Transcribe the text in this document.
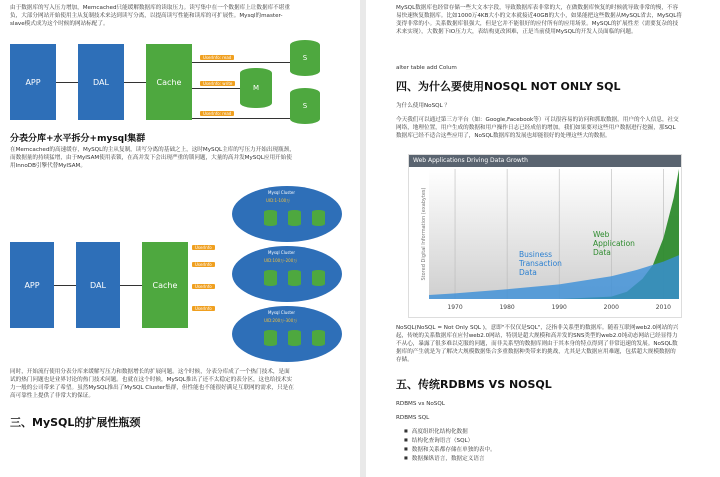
由于数据库的写入压力增加，Memcached只能缓解数据库的读取压力。读写集中在一个数据库上让数据库不堪重
负，大部分网站开始使用主从复制技术来达到读写分离，以提高读写性能和读库的可扩展性。Mysql的master-
slave模式成为这个时候的网站标配了。
APP	DAL	Cache
UserInfo: read
UserInfo: write
UserInfo: read
M
S
S
分表分库+水平拆分+mysql集群
在Memcached的高速缓存，MySQL的主从复制，读写分离的基础之上，这时MySQL主库的写压力开始出现瓶颈，
而数据量的持续猛增，由于MyISAM使用表锁，在高并发下会出现严重的锁问题，大量的高并发MySQL应用开始使
用InnoDB引擎代替MyISAM。
APP	DAL	Cache
UserInfo
UserInfo
UserInfo
UserInfo
Mysql Cluster
UID:1-100万
Mysql Cluster
UID:100万-200万
Mysql Cluster
UID:200万-300万
同时，开始流行使用分表分库来缓解写压力和数据增长的扩展问题。这个时候，分表分库成了一个热门技术，是面
试的热门问题也是业界讨论的热门技术问题。也就在这个时候，MySQL推出了还不太稳定的表分区，这也给技术实
力一般的公司带来了希望。虽然MySQL推出了MySQL Cluster集群，但性能也不能很好满足互联网的需求，只是在
高可靠性上提供了非常大的保证。
三、MySQL的扩展性瓶颈
MySQL数据库也经常存储一些大文本字段，导致数据库表非常的大，在做数据库恢复的时候就导致非常的慢，不容
易快速恢复数据库。比如1000万4KB大小的文本就接近40GB的大小，如果能把这些数据从MySQL省去，MySQL将
变得非常的小。关系数据库很强大，但是它并不能很好的应付所有的应用场景。MySQL的扩展性差（需要复杂的技
术来实现），大数据下IO压力大，表结构更改困难，正是当前使用MySQL的开发人员面临的问题。
alter table add Colum
四、为什么要使用NOSQL NOT ONLY SQL
为什么使用NoSQL ？
今天我们可以通过第三方平台（如：Google,Facebook等）可以很容易的访问和抓取数据。用户的个人信息，社交
网络，地理位置，用户生成的数据和用户操作日志已经成倍的增加。我们如果要对这些用户数据进行挖掘，那SQL
数据库已经不适合这些应用了，NoSQL数据库的发展也却能很好的处理这些大的数据。
Web Applications Driving Data Growth
1970	1980	1990	2000	2010
Web
Application
Data
Business
Transaction
Data
Stored Digital Information (exabytes)
NoSQL(NoSQL = Not Only SQL )，意即"不仅仅是SQL"，泛指非关系型的数据库。随着互联网web2.0网站的兴
起，传统的关系数据库在应付web2.0网站，特别是超大规模和高并发的SNS类型的web2.0纯动态网站已经显得力
不从心，暴露了很多难以克服的问题，而非关系型的数据库则由于其本身的特点得到了非常迅速的发展。NoSQL数
据库的产生就是为了解决大规模数据集合多重数据种类带来的挑战，尤其是大数据应用难题，包括超大规模数据的
存储。
五、传统RDBMS VS NOSQL
RDBMS vs NoSQL
RDBMS SQL
■ 高度组织化结构化数据
■ 结构化查询语言（SQL）
■ 数据和关系都存储在单独的表中。
■ 数据操纵语言，数据定义语言
